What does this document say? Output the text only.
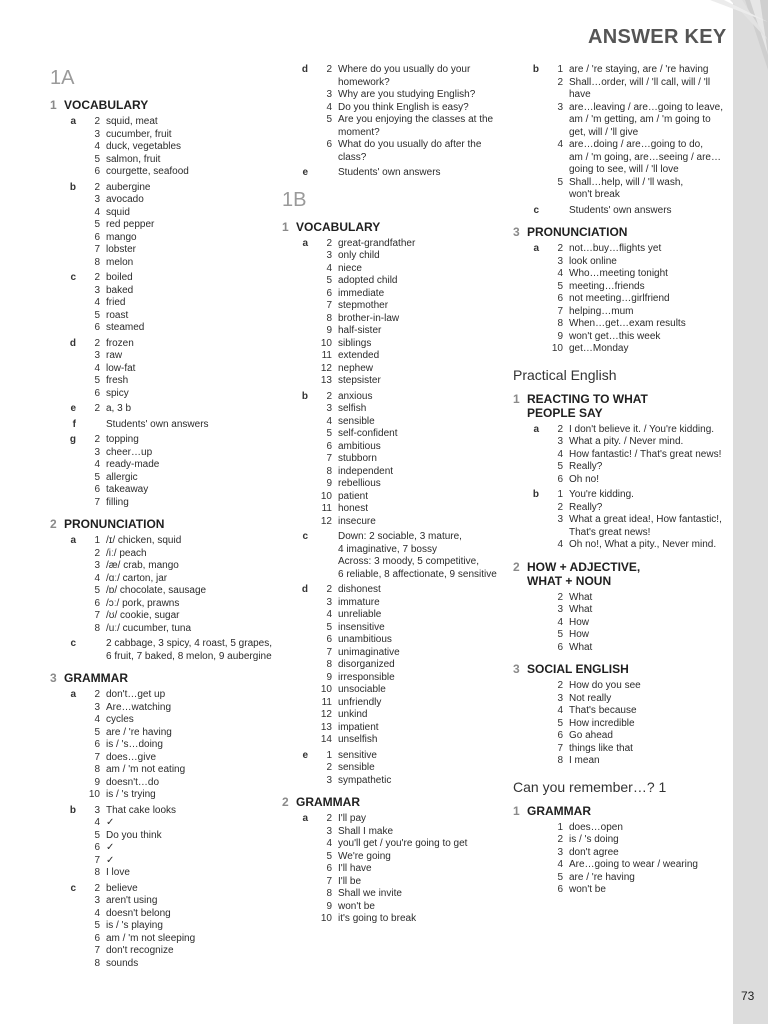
ANSWER KEY
1A
1 VOCABULARY
a	2 squid, meat
3 cucumber, fruit
4 duck, vegetables
5 salmon, fruit
6 courgette, seafood
b	2 aubergine
3 avocado
4 squid
5 red pepper
6 mango
7 lobster
8 melon
c	2 boiled
3 baked
4 fried
5 roast
6 steamed
d	2 frozen
3 raw
4 low-fat
5 fresh
6 spicy
e	2 a, 3 b
f	Students' own answers
g	2 topping
3 cheer…up
4 ready-made
5 allergic
6 takeaway
7 filling
2 PRONUNCIATION
a	1 /ɪ/ chicken, squid
2 /iː/ peach
3 /æ/ crab, mango
4 /ɑː/ carton, jar
5 /ɒ/ chocolate, sausage
6 /ɔː/ pork, prawns
7 /ʊ/ cookie, sugar
8 /uː/ cucumber, tuna
c	2 cabbage, 3 spicy, 4 roast, 5 grapes,
6 fruit, 7 baked, 8 melon, 9 aubergine
3 GRAMMAR
a	2 don't…get up
3 Are…watching
4 cycles
5 are / 're having
6 is / 's…doing
7 does…give
8 am / 'm not eating
9 doesn't…do
10 is / 's trying
b	3 That cake looks
4 ✓
5 Do you think
6 ✓
7 ✓
8 I love
c	2 believe
3 aren't using
4 doesn't belong
5 is / 's playing
6 am / 'm not sleeping
7 don't recognize
8 sounds
d	2 Where do you usually do your
homework?
3 Why are you studying English?
4 Do you think English is easy?
5 Are you enjoying the classes at the
moment?
6 What do you usually do after the
class?
e	Students' own answers
1B
1 VOCABULARY
a	2 great-grandfather
3 only child
4 niece
5 adopted child
6 immediate
7 stepmother
8 brother-in-law
9 half-sister
10 siblings
11 extended
12 nephew
13 stepsister
b	2 anxious
3 selfish
4 sensible
5 self-confident
6 ambitious
7 stubborn
8 independent
9 rebellious
10 patient
11 honest
12 insecure
c	Down: 2 sociable, 3 mature,
4 imaginative, 7 bossy
Across: 3 moody, 5 competitive,
6 reliable, 8 affectionate, 9 sensitive
d	2 dishonest
3 immature
4 unreliable
5 insensitive
6 unambitious
7 unimaginative
8 disorganized
9 irresponsible
10 unsociable
11 unfriendly
12 unkind
13 impatient
14 unselfish
e	1 sensitive
2 sensible
3 sympathetic
2 GRAMMAR
a	2 I'll pay
3 Shall I make
4 you'll get / you're going to get
5 We're going
6 I'll have
7 I'll be
8 Shall we invite
9 won't be
10 it's going to break
b	1 are / 're staying, are / 're having
2 Shall…order, will / 'll call, will / 'll
have
3 are…leaving / are…going to leave,
am / 'm getting, am / 'm going to
get, will / 'll give
4 are…doing / are…going to do,
am / 'm going, are…seeing / are…
going to see, will / 'll love
5 Shall…help, will / 'll wash,
won't break
c	Students' own answers
3 PRONUNCIATION
a	2 not…buy…flights yet
3 look online
4 Who…meeting tonight
5 meeting…friends
6 not meeting…girlfriend
7 helping…mum
8 When…get…exam results
9 won't get…this week
10 get…Monday
Practical English
1 REACTING TO WHAT
PEOPLE SAY
a	2 I don't believe it. / You're kidding.
3 What a pity. / Never mind.
4 How fantastic! / That's great news!
5 Really?
6 Oh no!
b	1 You're kidding.
2 Really?
3 What a great idea!, How fantastic!,
That's great news!
4 Oh no!, What a pity., Never mind.
2 HOW + ADJECTIVE,
WHAT + NOUN
2 What
3 What
4 How
5 How
6 What
3 SOCIAL ENGLISH
2 How do you see
3 Not really
4 That's because
5 How incredible
6 Go ahead
7 things like that
8 I mean
Can you remember…? 1
1 GRAMMAR
1 does…open
2 is / 's doing
3 don't agree
4 Are…going to wear / wearing
5 are / 're having
6 won't be
73
